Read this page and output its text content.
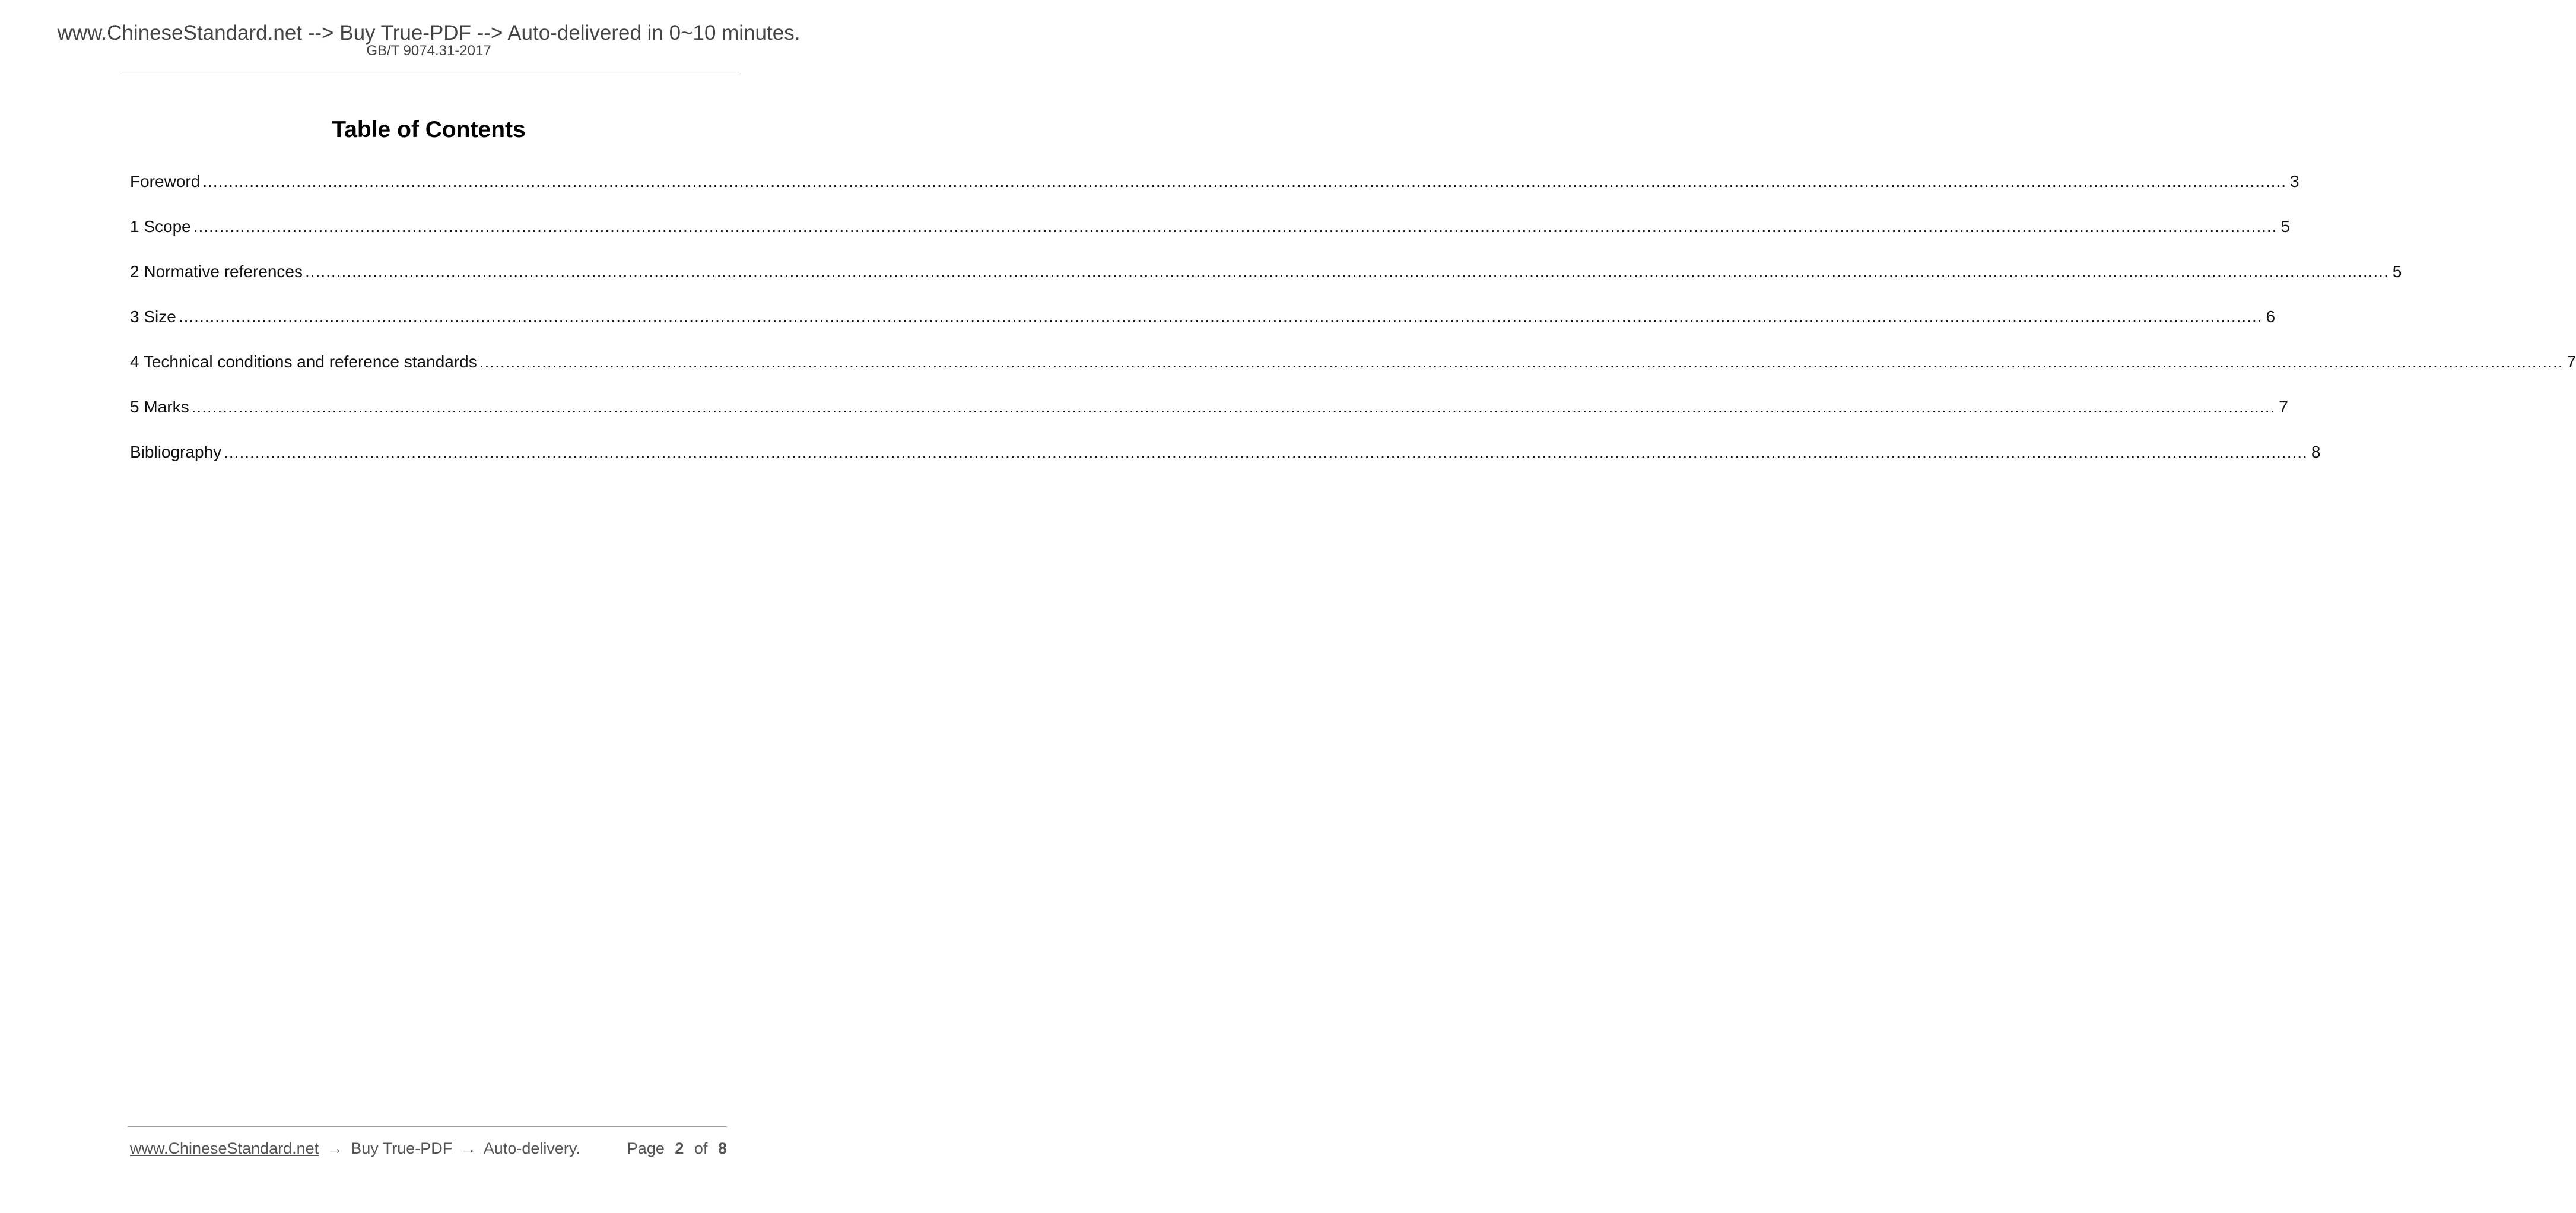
www.ChineseStandard.net --> Buy True-PDF --> Auto-delivered in 0~10 minutes.
GB/T 9074.31-2017
Table of Contents
Foreword ................................................................................................................................................................................................................................................................................................................................................................................................................ 3
1 Scope ................................................................................................................................................................................................................................................................................................................................................................................................................ 5
2 Normative references ................................................................................................................................................................................................................................................................................................................................................................................................................ 5
3 Size ................................................................................................................................................................................................................................................................................................................................................................................................................ 6
4 Technical conditions and reference standards ................................................................................................................................................................................................................................................................................................................................................................................................................ 7
5 Marks ................................................................................................................................................................................................................................................................................................................................................................................................................ 7
Bibliography ................................................................................................................................................................................................................................................................................................................................................................................................................ 8
www.ChineseStandard.net → Buy True-PDF → Auto-delivery.	Page 2 of 8
